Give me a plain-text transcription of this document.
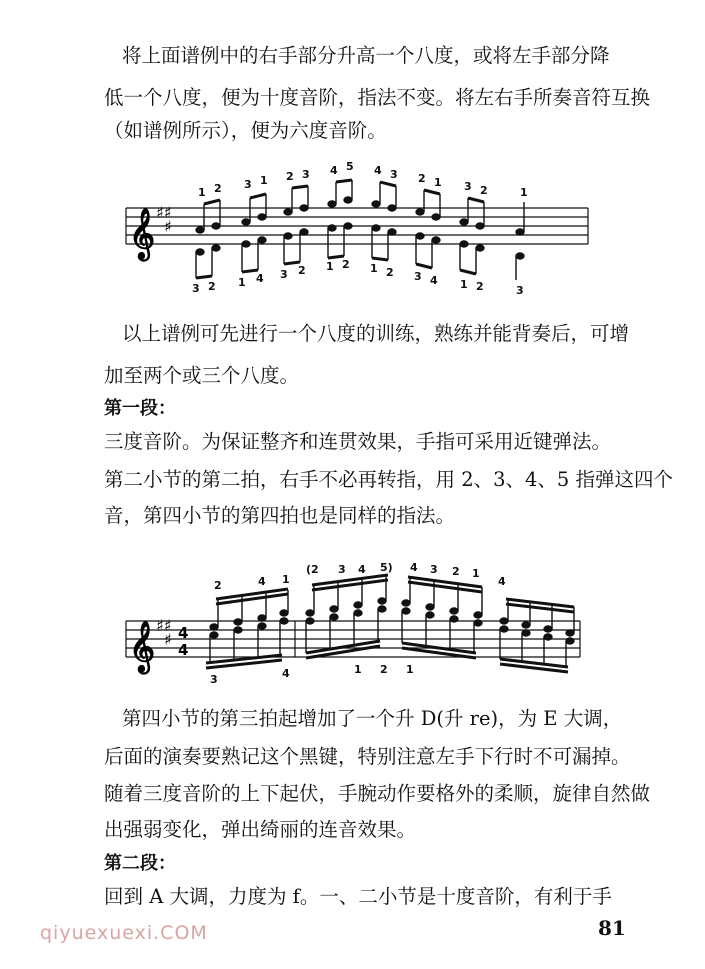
将上面谱例中的右手部分升高一个八度，或将左手部分降
低一个八度，便为十度音阶，指法不变。将左右手所奏音符互换
（如谱例所示），便为六度音阶。
𝄞 ♯♯
♯
1 2 3 1 2 3 4 5 4 3 2 1 3 2	1
3 2 1 4 3 2 1 2 1 2 3 4 1 2	3
以上谱例可先进行一个八度的训练，熟练并能背奏后，可增
加至两个或三个八度。
第一段：
三度音阶。为保证整齐和连贯效果，手指可采用近键弹法。
第二小节的第二拍，右手不必再转指，用 2、3、4、5 指弹这四个
音，第四小节的第四拍也是同样的指法。
𝄞 ♯♯
♯ 4
4
2	4 1
(2 3 4 5) 4 3 2 1
4
3	4	1 2 1
第四小节的第三拍起增加了一个升 D(升 re)，为 E 大调，
后面的演奏要熟记这个黑键，特别注意左手下行时不可漏掉。
随着三度音阶的上下起伏，手腕动作要格外的柔顺，旋律自然做
出强弱变化，弹出绮丽的连音效果。
第二段：
回到 A 大调，力度为 f。一、二小节是十度音阶，有利于手
qiyuexuexi.COM	81
